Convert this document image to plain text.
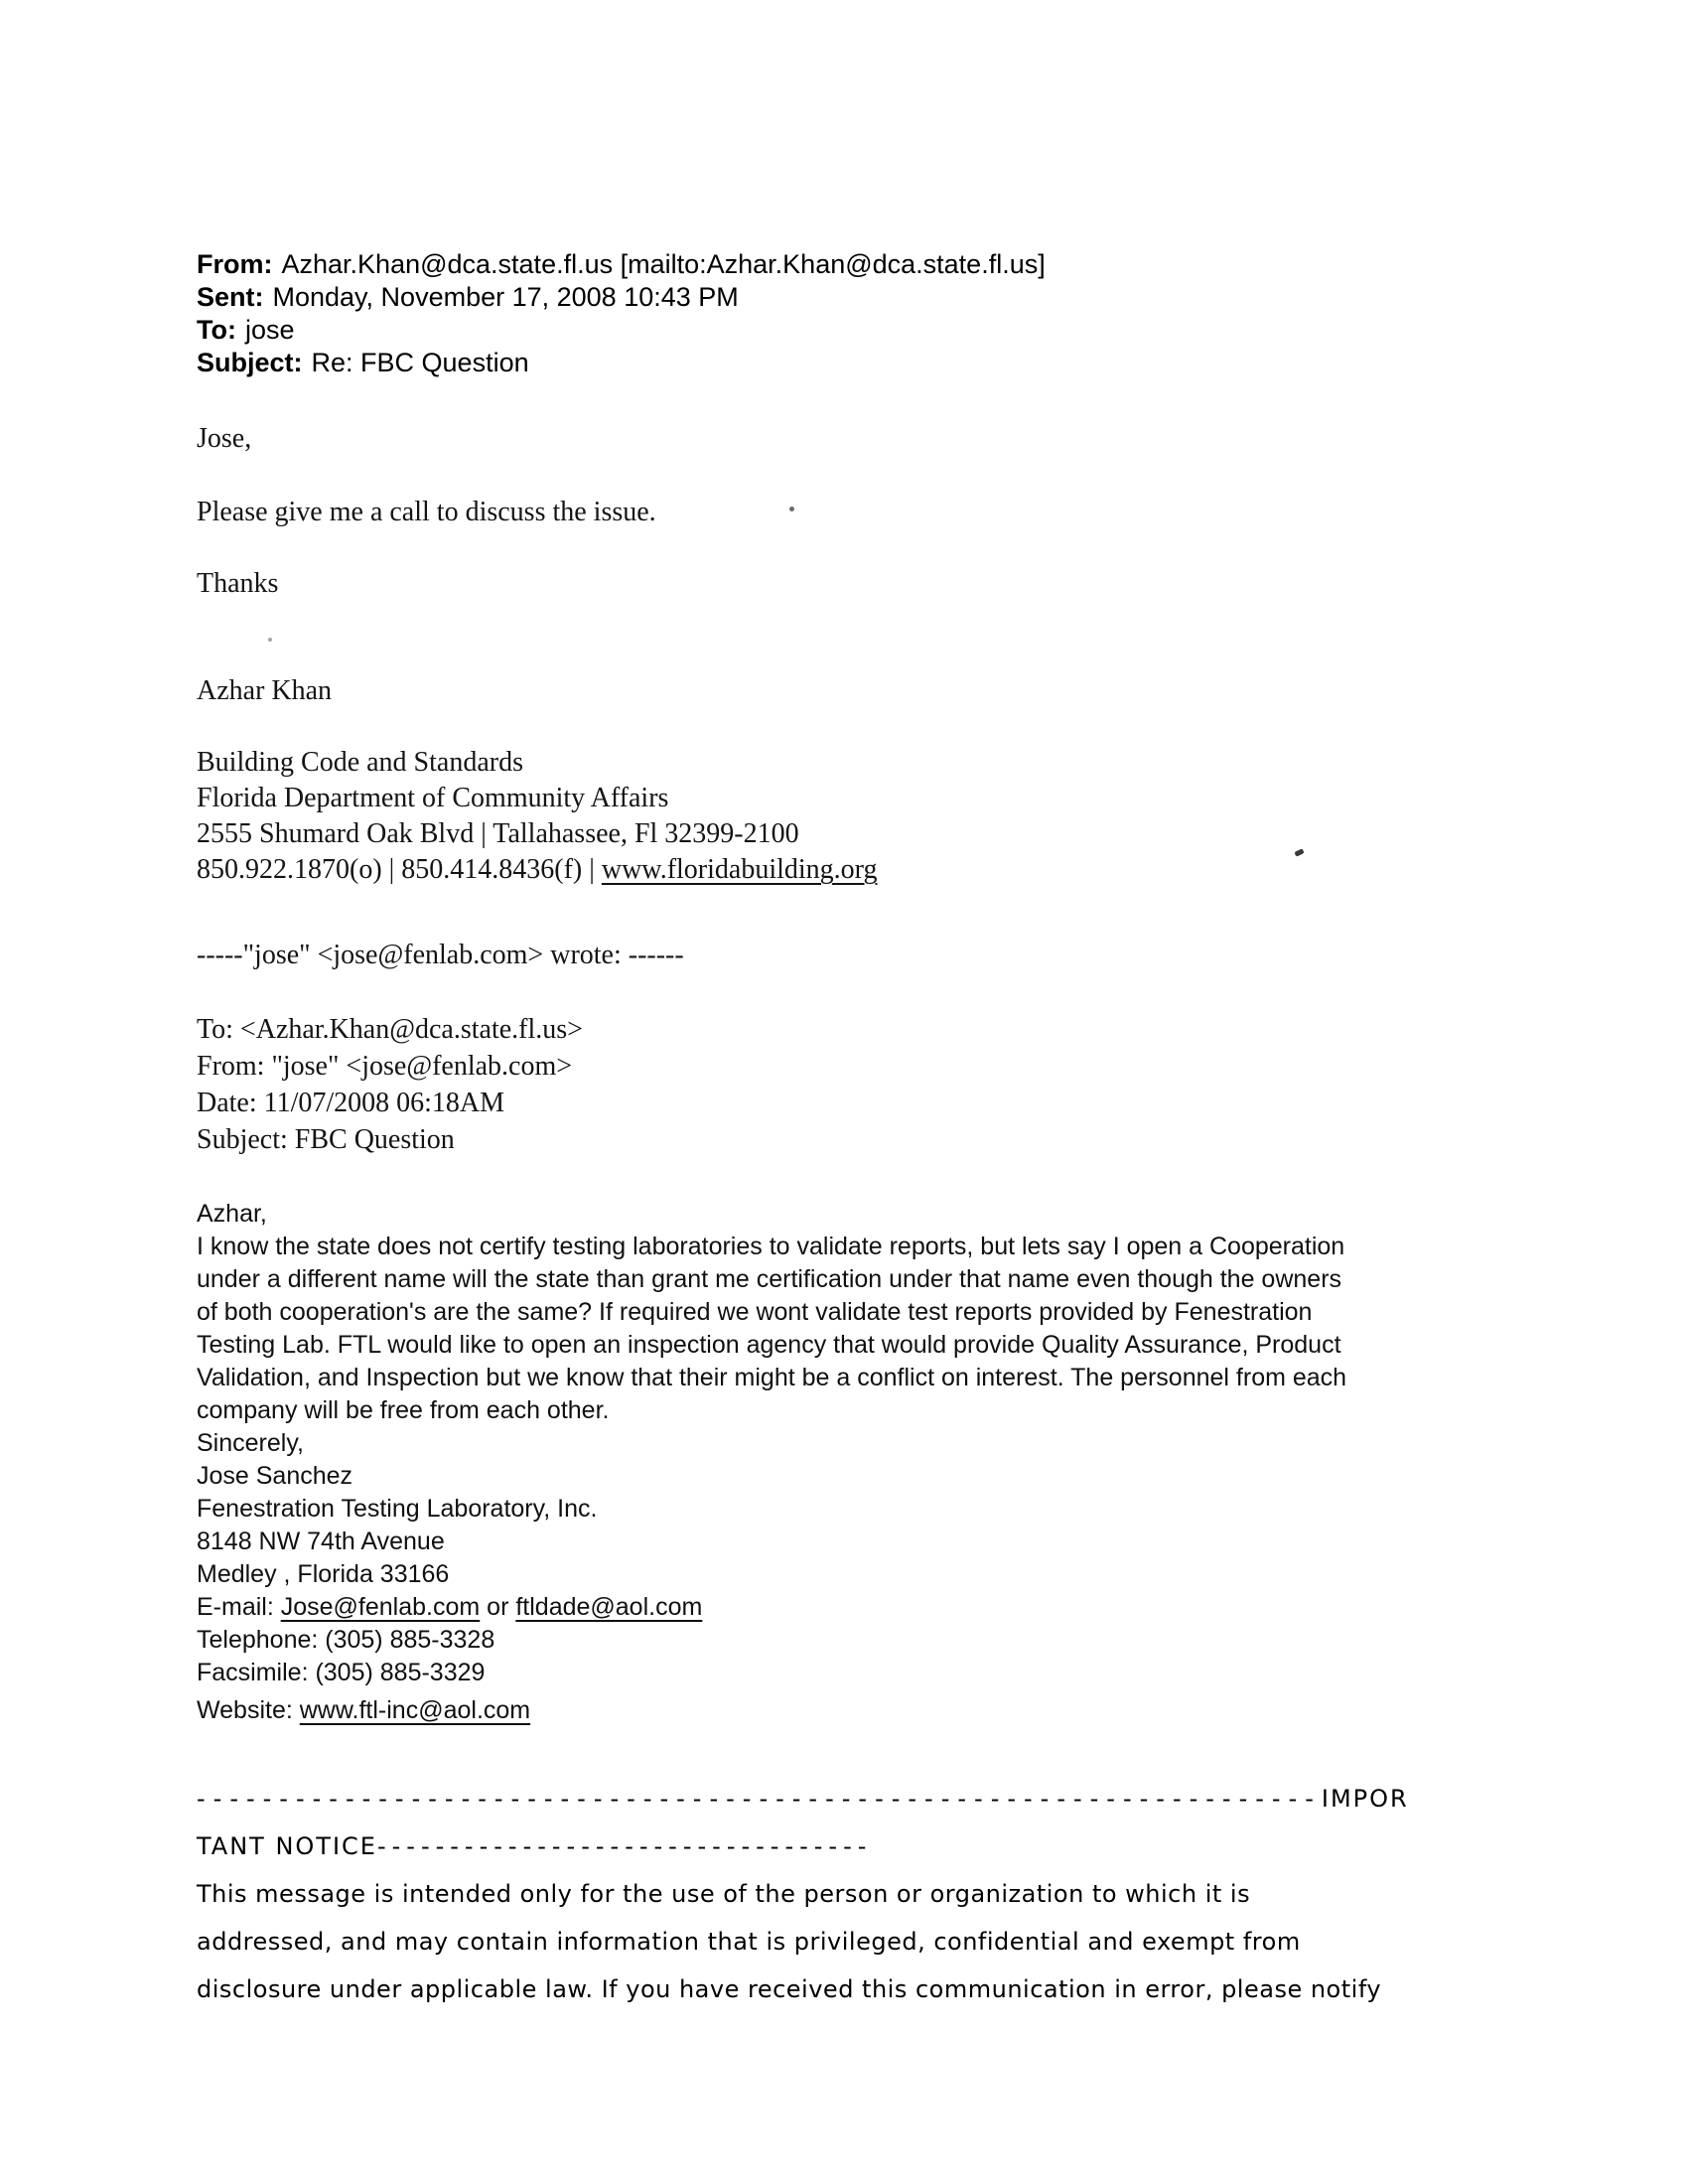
From: Azhar.Khan@dca.state.fl.us [mailto:Azhar.Khan@dca.state.fl.us]
Sent: Monday, November 17, 2008 10:43 PM
To: jose
Subject: Re: FBC Question
Jose,
Please give me a call to discuss the issue.
Thanks
Azhar Khan
Building Code and Standards
Florida Department of Community Affairs
2555 Shumard Oak Blvd | Tallahassee, Fl 32399-2100
850.922.1870(o) | 850.414.8436(f) | www.floridabuilding.org
-----"jose" <jose@fenlab.com> wrote: ------
To: <Azhar.Khan@dca.state.fl.us>
From: "jose" <jose@fenlab.com>
Date: 11/07/2008 06:18AM
Subject: FBC Question
Azhar,
I know the state does not certify testing laboratories to validate reports, but lets say I open a Cooperation
under a different name will the state than grant me certification under that name even though the owners
of both cooperation's are the same? If required we wont validate test reports provided by Fenestration
Testing Lab. FTL would like to open an inspection agency that would provide Quality Assurance, Product
Validation, and Inspection but we know that their might be a conflict on interest. The personnel from each
company will be free from each other.
Sincerely,
Jose Sanchez
Fenestration Testing Laboratory, Inc.
8148 NW 74th Avenue
Medley , Florida 33166
E-mail: Jose@fenlab.com or ftldade@aol.com
Telephone: (305) 885-3328
Facsimile: (305) 885-3329
Website: www.ftl-inc@aol.com
--------------------------------------------------------------------IMPOR
TANT NOTICE----------------------------------
This message is intended only for the use of the person or organization to which it is
addressed, and may contain information that is privileged, confidential and exempt from
disclosure under applicable law. If you have received this communication in error, please notify
